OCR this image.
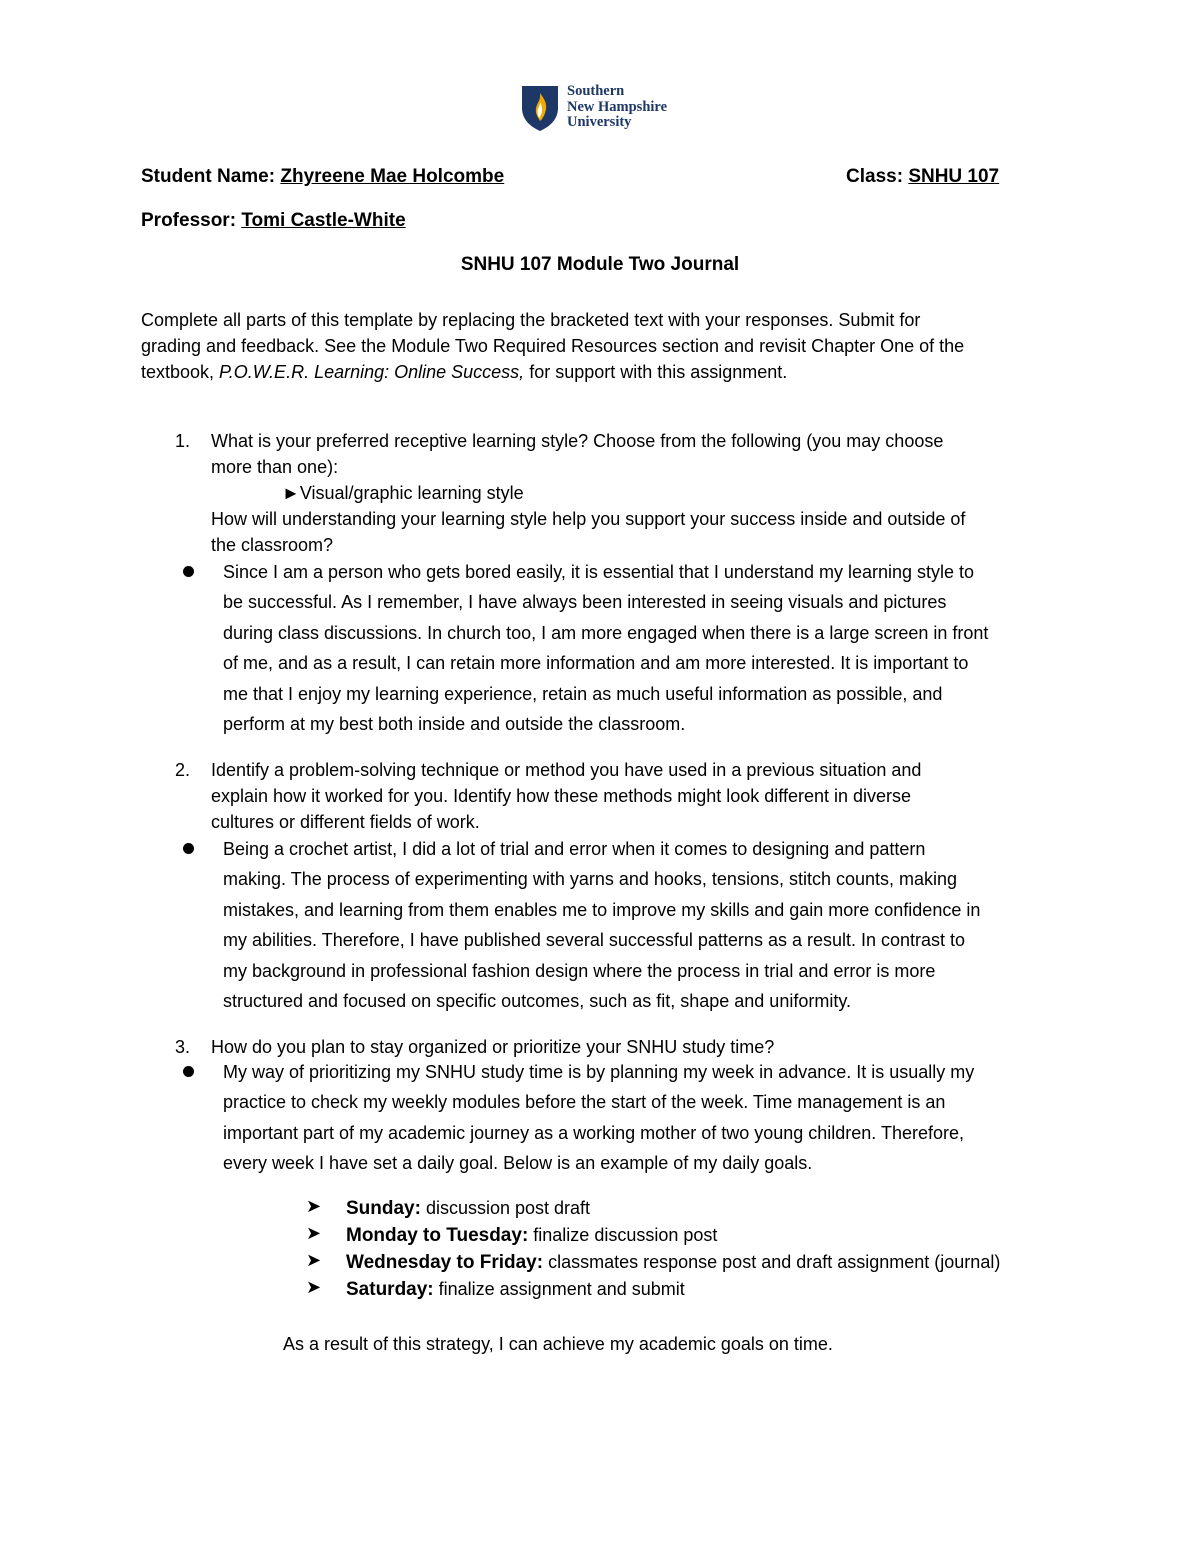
Southern
New Hampshire
University
Student Name: Zhyreene Mae Holcombe	Class: SNHU 107
Professor: Tomi Castle-White
SNHU 107 Module Two Journal
Complete all parts of this template by replacing the bracketed text with your responses. Submit for
grading and feedback. See the Module Two Required Resources section and revisit Chapter One of the
textbook, P.O.W.E.R. Learning: Online Success, for support with this assignment.
1. What is your preferred receptive learning style? Choose from the following (you may choose
more than one):
►Visual/graphic learning style
How will understanding your learning style help you support your success inside and outside of
the classroom?
Since I am a person who gets bored easily, it is essential that I understand my learning style to
be successful. As I remember, I have always been interested in seeing visuals and pictures
during class discussions. In church too, I am more engaged when there is a large screen in front
of me, and as a result, I can retain more information and am more interested. It is important to
me that I enjoy my learning experience, retain as much useful information as possible, and
perform at my best both inside and outside the classroom.
2. Identify a problem-solving technique or method you have used in a previous situation and
explain how it worked for you. Identify how these methods might look different in diverse
cultures or different fields of work.
Being a crochet artist, I did a lot of trial and error when it comes to designing and pattern
making. The process of experimenting with yarns and hooks, tensions, stitch counts, making
mistakes, and learning from them enables me to improve my skills and gain more confidence in
my abilities. Therefore, I have published several successful patterns as a result. In contrast to
my background in professional fashion design where the process in trial and error is more
structured and focused on specific outcomes, such as fit, shape and uniformity.
3. How do you plan to stay organized or prioritize your SNHU study time?
My way of prioritizing my SNHU study time is by planning my week in advance. It is usually my
practice to check my weekly modules before the start of the week. Time management is an
important part of my academic journey as a working mother of two young children. Therefore,
every week I have set a daily goal. Below is an example of my daily goals.
➤ Sunday: discussion post draft
➤ Monday to Tuesday: finalize discussion post
➤ Wednesday to Friday: classmates response post and draft assignment (journal)
➤ Saturday: finalize assignment and submit
As a result of this strategy, I can achieve my academic goals on time.
